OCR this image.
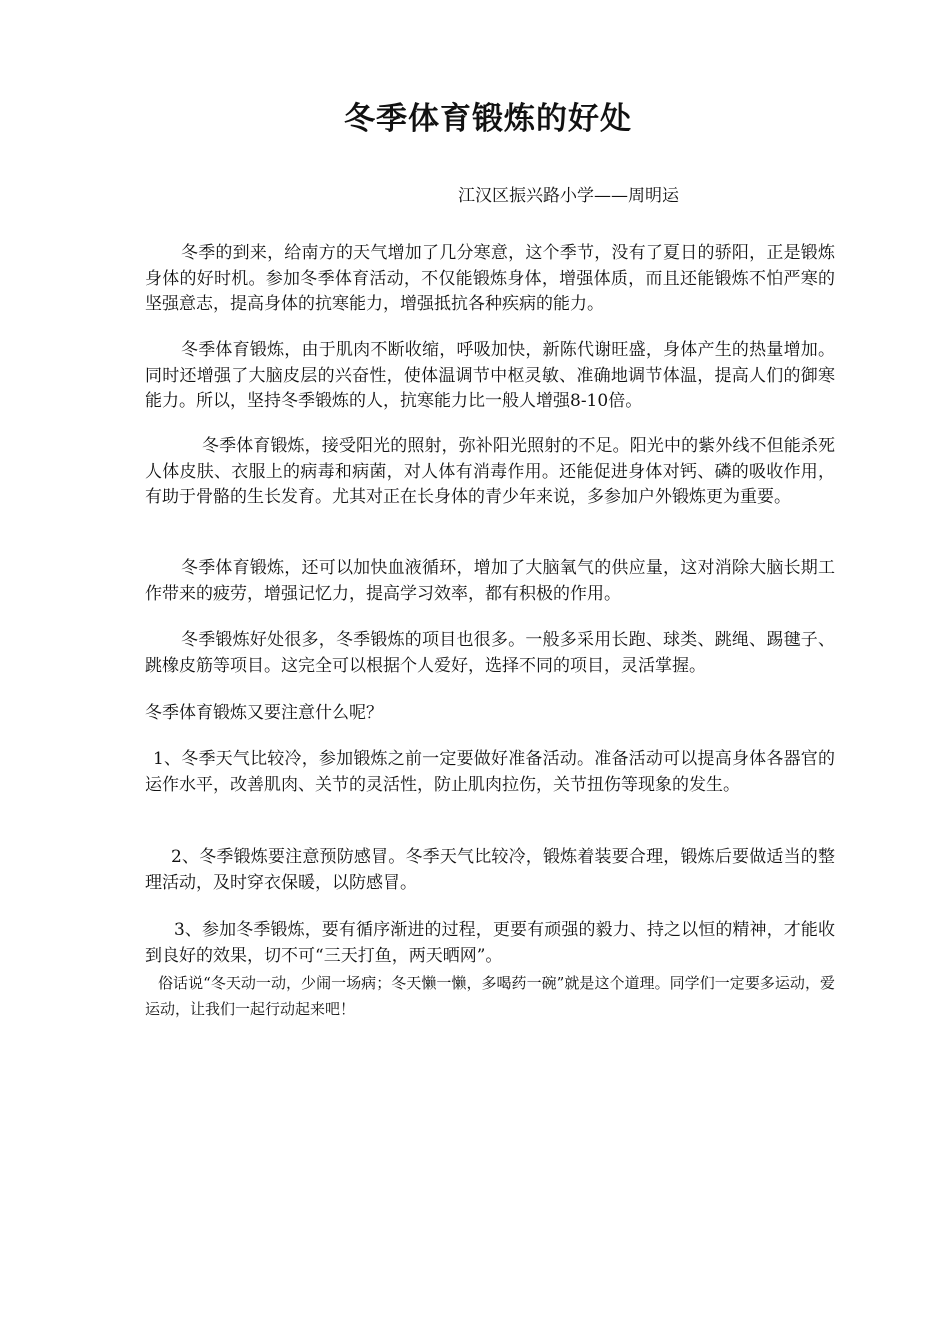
冬季体育锻炼的好处

江汉区振兴路小学——周明运

冬季的到来，给南方的天气增加了几分寒意，这个季节，没有了夏日的骄阳，正是锻炼身体的好时机。参加冬季体育活动，不仅能锻炼身体，增强体质，而且还能锻炼不怕严寒的坚强意志，提高身体的抗寒能力，增强抵抗各种疾病的能力。

冬季体育锻炼，由于肌肉不断收缩，呼吸加快，新陈代谢旺盛，身体产生的热量增加。同时还增强了大脑皮层的兴奋性，使体温调节中枢灵敏、准确地调节体温，提高人们的御寒能力。所以，坚持冬季锻炼的人，抗寒能力比一般人增强8-10倍。

冬季体育锻炼，接受阳光的照射，弥补阳光照射的不足。阳光中的紫外线不但能杀死人体皮肤、衣服上的病毒和病菌，对人体有消毒作用。还能促进身体对钙、磷的吸收作用，有助于骨骼的生长发育。尤其对正在长身体的青少年来说，多参加户外锻炼更为重要。

冬季体育锻炼，还可以加快血液循环，增加了大脑氧气的供应量，这对消除大脑长期工作带来的疲劳，增强记忆力，提高学习效率，都有积极的作用。

冬季锻炼好处很多，冬季锻炼的项目也很多。一般多采用长跑、球类、跳绳、踢毽子、跳橡皮筋等项目。这完全可以根据个人爱好，选择不同的项目，灵活掌握。

冬季体育锻炼又要注意什么呢？

1、冬季天气比较冷，参加锻炼之前一定要做好准备活动。准备活动可以提高身体各器官的运作水平，改善肌肉、关节的灵活性，防止肌肉拉伤，关节扭伤等现象的发生。

2、冬季锻炼要注意预防感冒。冬季天气比较冷，锻炼着装要合理，锻炼后要做适当的整理活动，及时穿衣保暖，以防感冒。

3、参加冬季锻炼，要有循序渐进的过程，更要有顽强的毅力、持之以恒的精神，才能收到良好的效果，切不可“三天打鱼，两天晒网”。

俗话说“冬天动一动，少闹一场病；冬天懒一懒，多喝药一碗”就是这个道理。同学们一定要多运动，爱运动，让我们一起行动起来吧！
